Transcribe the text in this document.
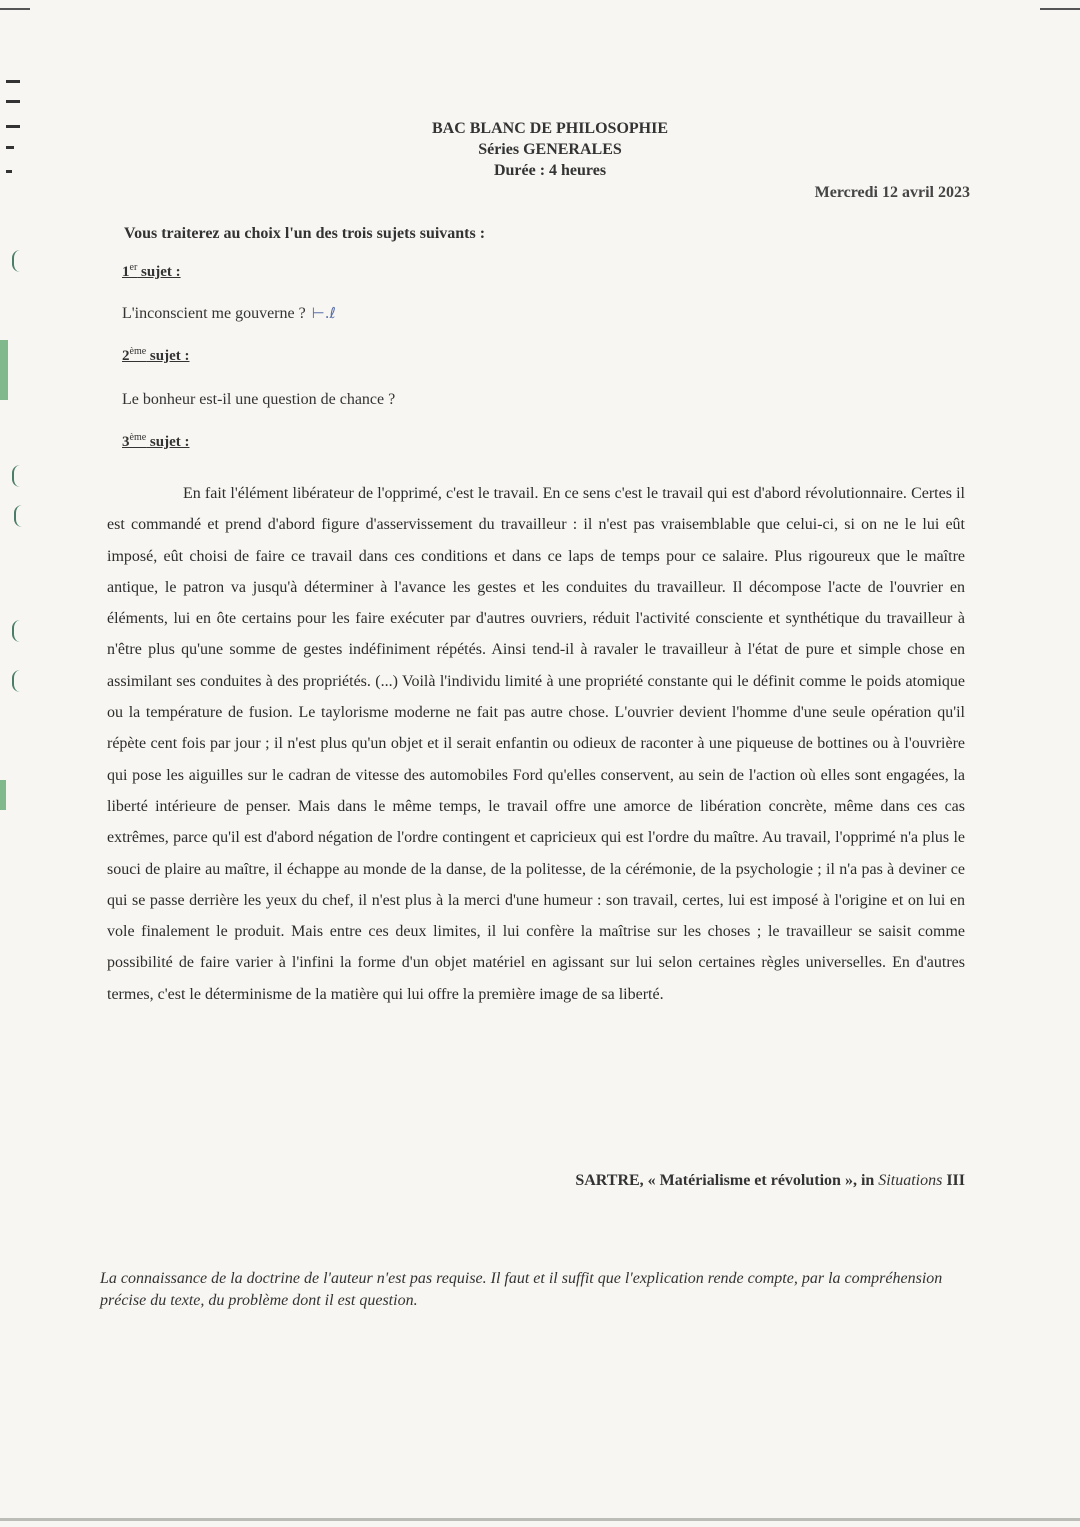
BAC BLANC DE PHILOSOPHIE
Séries GENERALES
Durée : 4 heures
Mercredi 12 avril 2023
Vous traiterez au choix l'un des trois sujets suivants :
1er sujet :
L'inconscient me gouverne ? ⊢.ℓ
2ème sujet :
Le bonheur est-il une question de chance ?
3ème sujet :
En fait l'élément libérateur de l'opprimé, c'est le travail. En ce sens c'est le travail qui est d'abord révolutionnaire. Certes il est commandé et prend d'abord figure d'asservissement du travailleur : il n'est pas vraisemblable que celui-ci, si on ne le lui eût imposé, eût choisi de faire ce travail dans ces conditions et dans ce laps de temps pour ce salaire. Plus rigoureux que le maître antique, le patron va jusqu'à déterminer à l'avance les gestes et les conduites du travailleur. Il décompose l'acte de l'ouvrier en éléments, lui en ôte certains pour les faire exécuter par d'autres ouvriers, réduit l'activité consciente et synthétique du travailleur à n'être plus qu'une somme de gestes indéfiniment répétés. Ainsi tend-il à ravaler le travailleur à l'état de pure et simple chose en assimilant ses conduites à des propriétés. (...) Voilà l'individu limité à une propriété constante qui le définit comme le poids atomique ou la température de fusion. Le taylorisme moderne ne fait pas autre chose. L'ouvrier devient l'homme d'une seule opération qu'il répète cent fois par jour ; il n'est plus qu'un objet et il serait enfantin ou odieux de raconter à une piqueuse de bottines ou à l'ouvrière qui pose les aiguilles sur le cadran de vitesse des automobiles Ford qu'elles conservent, au sein de l'action où elles sont engagées, la liberté intérieure de penser. Mais dans le même temps, le travail offre une amorce de libération concrète, même dans ces cas extrêmes, parce qu'il est d'abord négation de l'ordre contingent et capricieux qui est l'ordre du maître. Au travail, l'opprimé n'a plus le souci de plaire au maître, il échappe au monde de la danse, de la politesse, de la cérémonie, de la psychologie ; il n'a pas à deviner ce qui se passe derrière les yeux du chef, il n'est plus à la merci d'une humeur : son travail, certes, lui est imposé à l'origine et on lui en vole finalement le produit. Mais entre ces deux limites, il lui confère la maîtrise sur les choses ; le travailleur se saisit comme possibilité de faire varier à l'infini la forme d'un objet matériel en agissant sur lui selon certaines règles universelles. En d'autres termes, c'est le déterminisme de la matière qui lui offre la première image de sa liberté.
SARTRE, « Matérialisme et révolution », in Situations III
La connaissance de la doctrine de l'auteur n'est pas requise. Il faut et il suffit que l'explication rende compte, par la compréhension précise du texte, du problème dont il est question.
